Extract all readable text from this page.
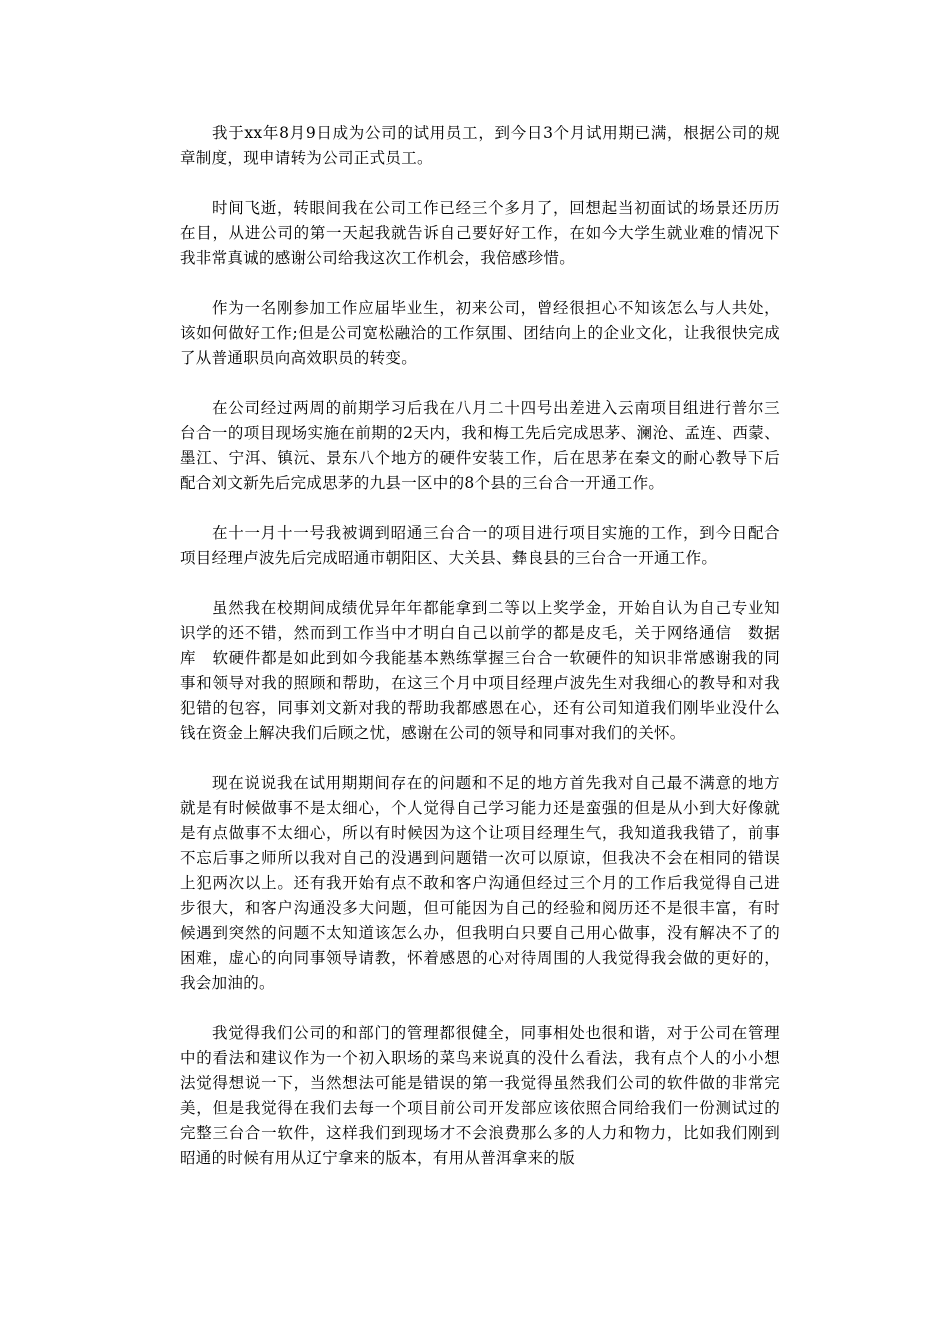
我于xx年8月9日成为公司的试用员工，到今日3个月试用期已满，根据公司的规章制度，现申请转为公司正式员工。

时间飞逝，转眼间我在公司工作已经三个多月了，回想起当初面试的场景还历历在目，从进公司的第一天起我就告诉自己要好好工作，在如今大学生就业难的情况下我非常真诚的感谢公司给我这次工作机会，我倍感珍惜。

作为一名刚参加工作应届毕业生，初来公司，曾经很担心不知该怎么与人共处，该如何做好工作;但是公司宽松融洽的工作氛围、团结向上的企业文化，让我很快完成了从普通职员向高效职员的转变。

在公司经过两周的前期学习后我在八月二十四号出差进入云南项目组进行普尔三台合一的项目现场实施在前期的2天内，我和梅工先后完成思茅、澜沧、孟连、西蒙、墨江、宁洱、镇沅、景东八个地方的硬件安装工作，后在思茅在秦文的耐心教导下后配合刘文新先后完成思茅的九县一区中的8个县的三台合一开通工作。

在十一月十一号我被调到昭通三台合一的项目进行项目实施的工作，到今日配合项目经理卢波先后完成昭通市朝阳区、大关县、彝良县的三台合一开通工作。

虽然我在校期间成绩优异年年都能拿到二等以上奖学金，开始自认为自己专业知识学的还不错，然而到工作当中才明白自己以前学的都是皮毛，关于网络通信　数据库　软硬件都是如此到如今我能基本熟练掌握三台合一软硬件的知识非常感谢我的同事和领导对我的照顾和帮助，在这三个月中项目经理卢波先生对我细心的教导和对我犯错的包容，同事刘文新对我的帮助我都感恩在心，还有公司知道我们刚毕业没什么钱在资金上解决我们后顾之忧，感谢在公司的领导和同事对我们的关怀。

现在说说我在试用期期间存在的问题和不足的地方首先我对自己最不满意的地方就是有时候做事不是太细心，个人觉得自己学习能力还是蛮强的但是从小到大好像就是有点做事不太细心，所以有时候因为这个让项目经理生气，我知道我我错了，前事不忘后事之师所以我对自己的没遇到问题错一次可以原谅，但我决不会在相同的错误上犯两次以上。还有我开始有点不敢和客户沟通但经过三个月的工作后我觉得自己进步很大，和客户沟通没多大问题，但可能因为自己的经验和阅历还不是很丰富，有时候遇到突然的问题不太知道该怎么办，但我明白只要自己用心做事，没有解决不了的困难，虚心的向同事领导请教，怀着感恩的心对待周围的人我觉得我会做的更好的，我会加油的。

我觉得我们公司的和部门的管理都很健全，同事相处也很和谐，对于公司在管理中的看法和建议作为一个初入职场的菜鸟来说真的没什么看法，我有点个人的小小想法觉得想说一下，当然想法可能是错误的第一我觉得虽然我们公司的软件做的非常完美，但是我觉得在我们去每一个项目前公司开发部应该依照合同给我们一份测试过的完整三台合一软件，这样我们到现场才不会浪费那么多的人力和物力，比如我们刚到昭通的时候有用从辽宁拿来的版本，有用从普洱拿来的版
